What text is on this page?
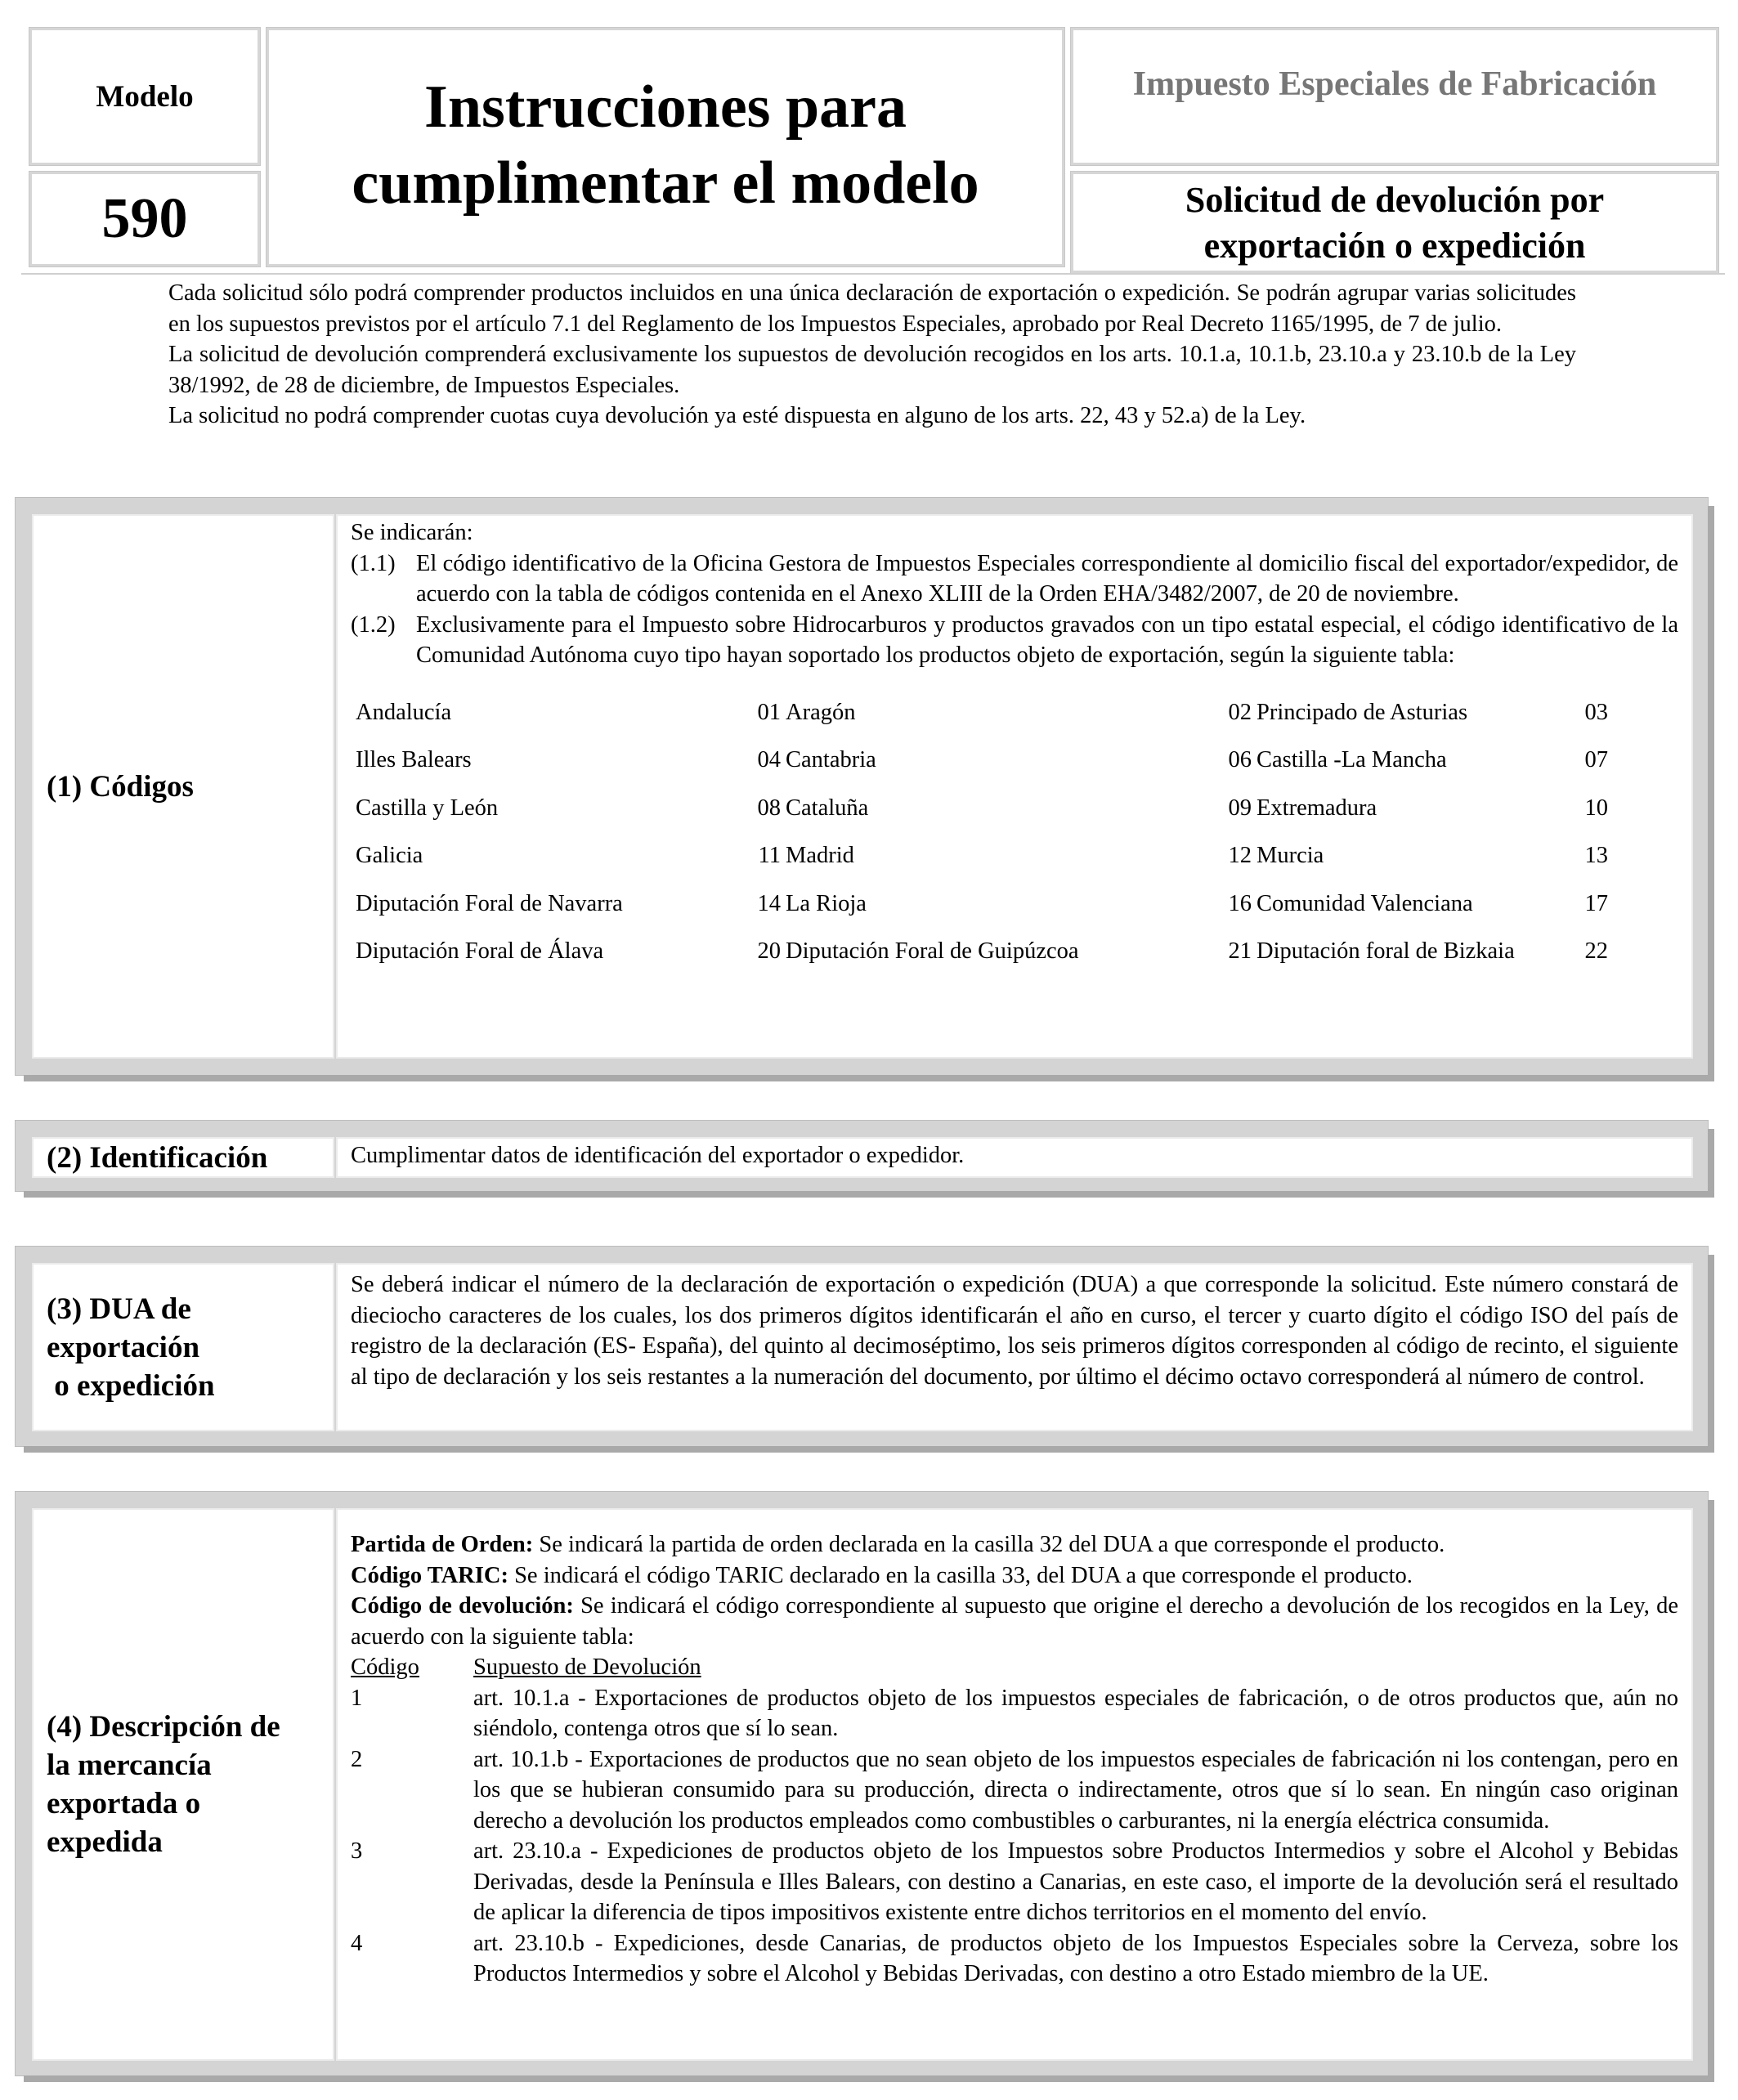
Modelo
590
Instrucciones para
cumplimentar el modelo
Impuesto Especiales de Fabricación
Solicitud de devolución por
exportación o expedición

Cada solicitud sólo podrá comprender productos incluidos en una única declaración de exportación o expedición. Se podrán agrupar varias solicitudes en los supuestos previstos por el artículo 7.1 del Reglamento de los Impuestos Especiales, aprobado por Real Decreto 1165/1995, de 7 de julio.

La solicitud de devolución comprenderá exclusivamente los supuestos de devolución recogidos en los arts. 10.1.a, 10.1.b, 23.10.a y 23.10.b de la Ley 38/1992, de 28 de diciembre, de Impuestos Especiales.

La solicitud no podrá comprender cuotas cuya devolución ya esté dispuesta en alguno de los arts. 22, 43 y 52.a) de la Ley.

(1) Códigos
Se indicarán:
(1.1) El código identificativo de la Oficina Gestora de Impuestos Especiales correspondiente al domicilio fiscal del exportador/expedidor, de acuerdo con la tabla de códigos contenida en el Anexo XLIII de la Orden EHA/3482/2007, de 20 de noviembre.
(1.2) Exclusivamente para el Impuesto sobre Hidrocarburos y productos gravados con un tipo estatal especial, el código identificativo de la Comunidad Autónoma cuyo tipo hayan soportado los productos objeto de exportación, según la siguiente tabla:
Andalucía	01	Aragón	02	Principado de Asturias	03
Illes Balears	04	Cantabria	06	Castilla -La Mancha	07
Castilla y León	08	Cataluña	09	Extremadura	10
Galicia	11	Madrid	12	Murcia	13
Diputación Foral de Navarra	14	La Rioja	16	Comunidad Valenciana	17
Diputación Foral de Álava	20	Diputación Foral de Guipúzcoa	21	Diputación foral de Bizkaia	22
(2) Identificación	Cumplimentar datos de identificación del exportador o expedidor.
(3) DUA de
exportación
o expedición
Se deberá indicar el número de la declaración de exportación o expedición (DUA) a que corresponde la solicitud. Este número constará de dieciocho caracteres de los cuales, los dos primeros dígitos identificarán el año en curso, el tercer y cuarto dígito el código ISO del país de registro de la declaración (ES- España), del quinto al decimoséptimo, los seis primeros dígitos corresponden al código de recinto, el siguiente al tipo de declaración y los seis restantes a la numeración del documento, por último el décimo octavo corresponderá al número de control.
(4) Descripción de
la mercancía
exportada o
expedida
Partida de Orden: Se indicará la partida de orden declarada en la casilla 32 del DUA a que corresponde el producto.
Código TARIC: Se indicará el código TARIC declarado en la casilla 33, del DUA a que corresponde el producto.
Código de devolución: Se indicará el código correspondiente al supuesto que origine el derecho a devolución de los recogidos en la Ley, de acuerdo con la siguiente tabla:
Código	Supuesto de Devolución
1	art. 10.1.a - Exportaciones de productos objeto de los impuestos especiales de fabricación, o de otros productos que, aún no siéndolo, contenga otros que sí lo sean.
2	art. 10.1.b - Exportaciones de productos que no sean objeto de los impuestos especiales de fabricación ni los contengan, pero en los que se hubieran consumido para su producción, directa o indirectamente, otros que sí lo sean. En ningún caso originan derecho a devolución los productos empleados como combustibles o carburantes, ni la energía eléctrica consumida.
3	art. 23.10.a - Expediciones de productos objeto de los Impuestos sobre Productos Intermedios y sobre el Alcohol y Bebidas Derivadas, desde la Península e Illes Balears, con destino a Canarias, en este caso, el importe de la devolución será el resultado de aplicar la diferencia de tipos impositivos existente entre dichos territorios en el momento del envío.
4	art. 23.10.b - Expediciones, desde Canarias, de productos objeto de los Impuestos Especiales sobre la Cerveza, sobre los Productos Intermedios y sobre el Alcohol y Bebidas Derivadas, con destino a otro Estado miembro de la UE.
